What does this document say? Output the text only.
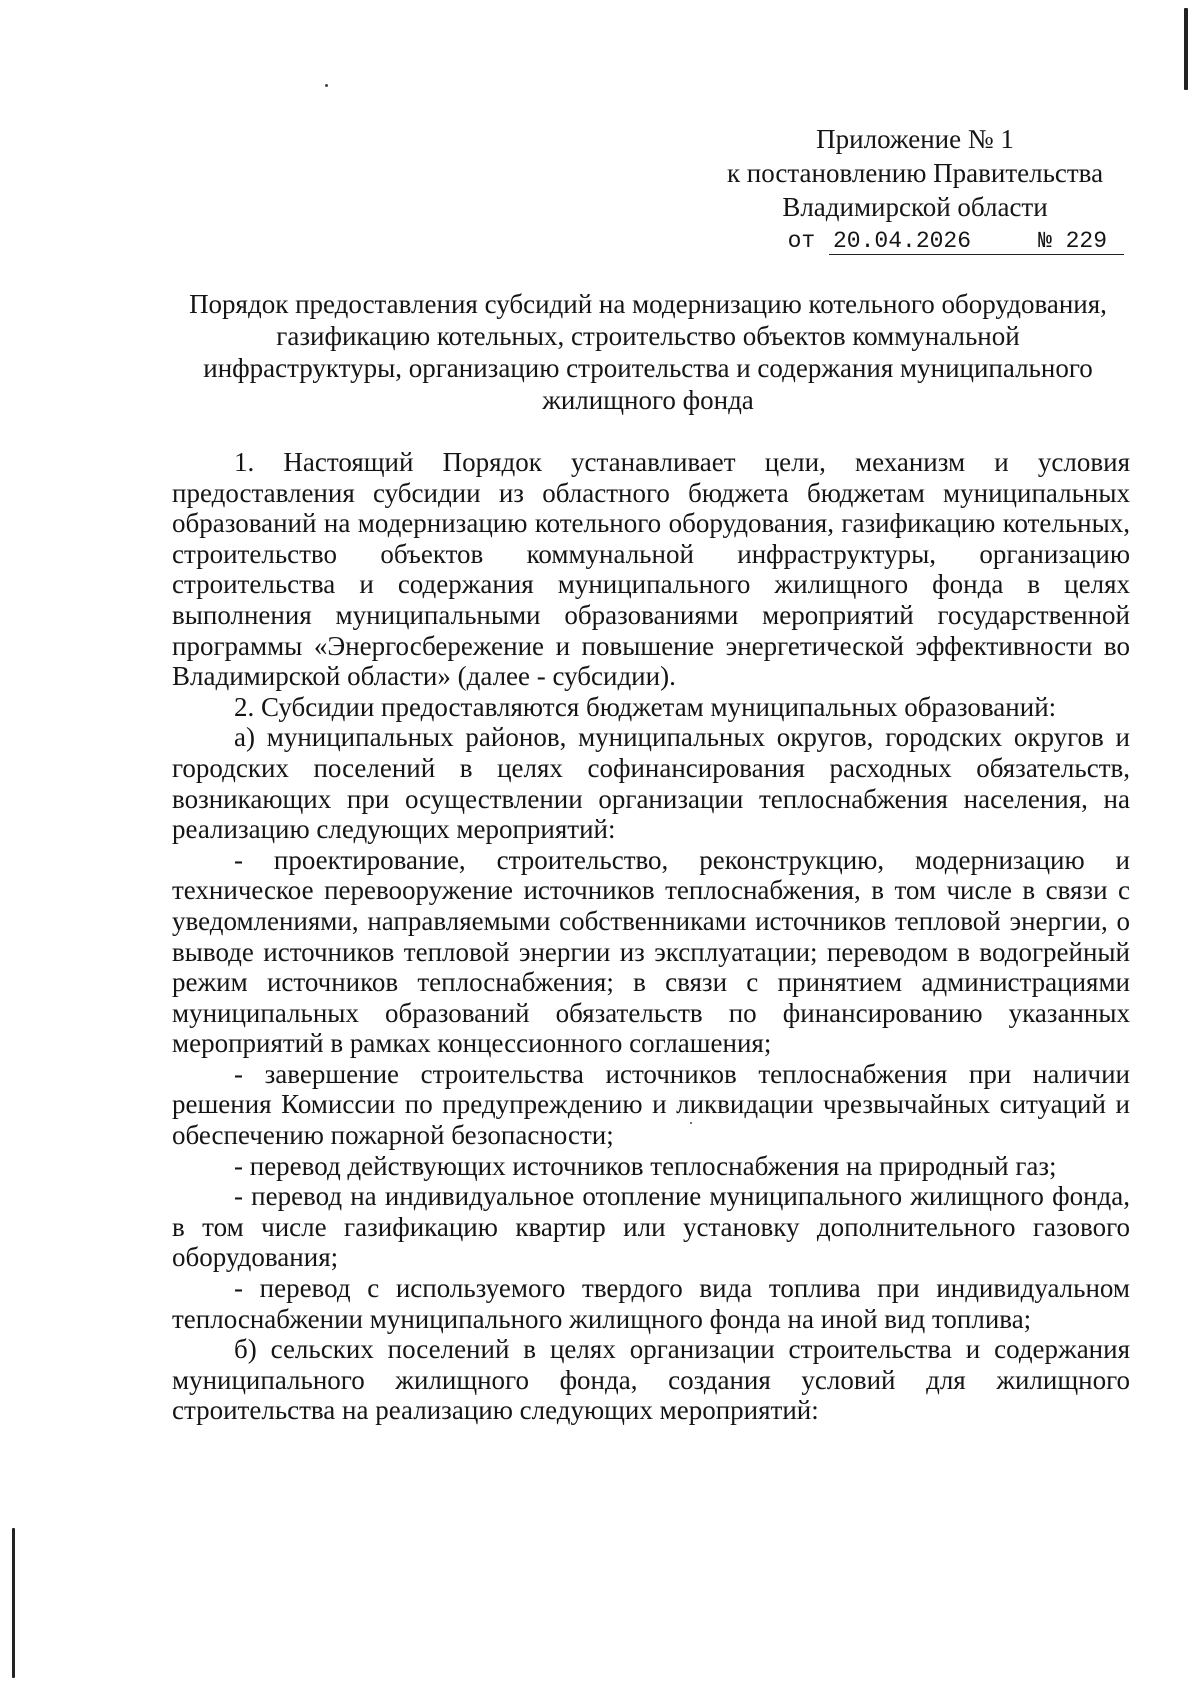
Приложение № 1
к постановлению Правительства
Владимирской области
от 20.04.2026	№ 229
Порядок предоставления субсидий на модернизацию котельного оборудования,
газификацию котельных, строительство объектов коммунальной
инфраструктуры, организацию строительства и содержания муниципального
жилищного фонда

1. Настоящий Порядок устанавливает цели, механизм и условия предоставления субсидии из областного бюджета бюджетам муниципальных образований на модернизацию котельного оборудования, газификацию котельных, строительство объектов коммунальной инфраструктуры, организацию строительства и содержания муниципального жилищного фонда в целях выполнения муниципальными образованиями мероприятий государственной программы «Энергосбережение и повышение энергетической эффективности во Владимирской области» (далее - субсидии).

2. Субсидии предоставляются бюджетам муниципальных образований:

а) муниципальных районов, муниципальных округов, городских округов и городских поселений в целях софинансирования расходных обязательств, возникающих при осуществлении организации теплоснабжения населения, на реализацию следующих мероприятий:

- проектирование, строительство, реконструкцию, модернизацию и техническое перевооружение источников теплоснабжения, в том числе в связи с уведомлениями, направляемыми собственниками источников тепловой энергии, о выводе источников тепловой энергии из эксплуатации; переводом в водогрейный режим источников теплоснабжения; в связи с принятием администрациями муниципальных образований обязательств по финансированию указанных мероприятий в рамках концессионного соглашения;

- завершение строительства источников теплоснабжения при наличии решения Комиссии по предупреждению и ликвидации чрезвычайных ситуаций и обеспечению пожарной безопасности;

- перевод действующих источников теплоснабжения на природный газ;

- перевод на индивидуальное отопление муниципального жилищного фонда, в том числе газификацию квартир или установку дополнительного газового оборудования;

- перевод с используемого твердого вида топлива при индивидуальном теплоснабжении муниципального жилищного фонда на иной вид топлива;

б) сельских поселений в целях организации строительства и содержания муниципального жилищного фонда, создания условий для жилищного строительства на реализацию следующих мероприятий:
